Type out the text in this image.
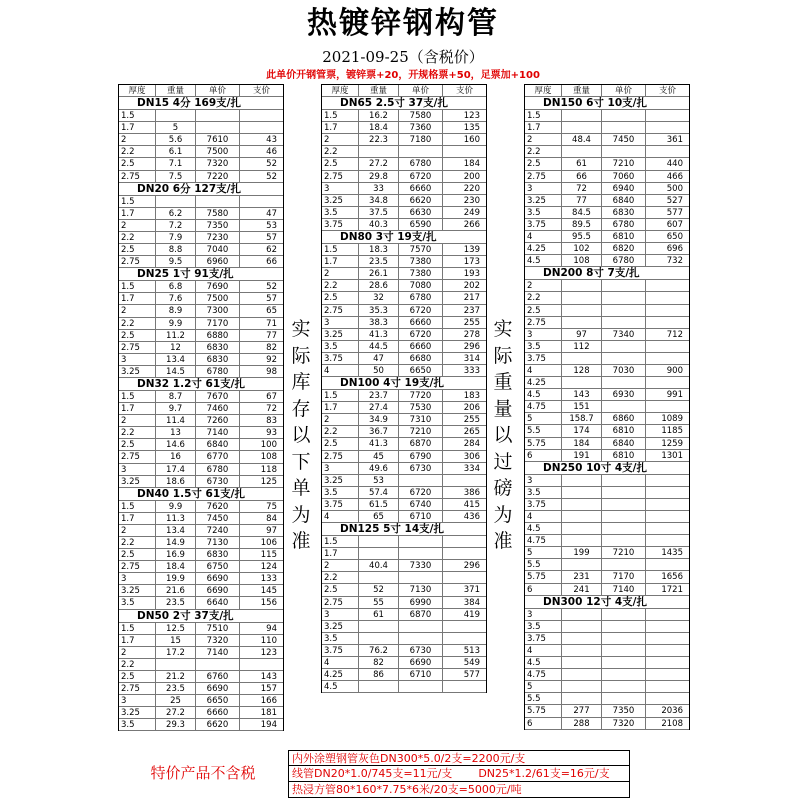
热镀锌钢构管
2021-09-25（含税价）
此单价开钢管票，镀锌票+20，开规格票+50，足票加+100
厚度	重量	单价	支价
DN15 4分 169支/扎
1.5
1.7	5
2	5.6	7610	43
2.2	6.1	7500	46
2.5	7.1	7320	52
2.75	7.5	7220	52
DN20 6分 127支/扎
1.5
1.7	6.2	7580	47
2	7.2	7350	53
2.2	7.9	7230	57
2.5	8.8	7040	62
2.75	9.5	6960	66
DN25 1寸 91支/扎
1.5	6.8	7690	52
1.7	7.6	7500	57
2	8.9	7300	65
2.2	9.9	7170	71
2.5	11.2	6880	77
2.75	12	6830	82
3	13.4	6830	92
3.25	14.5	6780	98
DN32 1.2寸 61支/扎
1.5	8.7	7670	67
1.7	9.7	7460	72
2	11.4	7260	83
2.2	13	7140	93
2.5	14.6	6840	100
2.75	16	6770	108
3	17.4	6780	118
3.25	18.6	6730	125
DN40 1.5寸 61支/扎
1.5	9.9	7620	75
1.7	11.3	7450	84
2	13.4	7240	97
2.2	14.9	7130	106
2.5	16.9	6830	115
2.75	18.4	6750	124
3	19.9	6690	133
3.25	21.6	6690	145
3.5	23.5	6640	156
DN50 2寸 37支/扎
1.5	12.5	7510	94
1.7	15	7320	110
2	17.2	7140	123
2.2
2.5	21.2	6760	143
2.75	23.5	6690	157
3	25	6650	166
3.25	27.2	6660	181
3.5	29.3	6620	194
厚度	重量	单价	支价
DN65 2.5寸 37支/扎
1.5	16.2	7580	123
1.7	18.4	7360	135
2	22.3	7180	160
2.2
2.5	27.2	6780	184
2.75	29.8	6720	200
3	33	6660	220
3.25	34.8	6620	230
3.5	37.5	6630	249
3.75	40.3	6590	266
DN80 3寸 19支/扎
1.5	18.3	7570	139
1.7	23.5	7380	173
2	26.1	7380	193
2.2	28.6	7080	202
2.5	32	6780	217
2.75	35.3	6720	237
3	38.3	6660	255
3.25	41.3	6720	278
3.5	44.5	6660	296
3.75	47	6680	314
4	50	6650	333
DN100 4寸 19支/扎
1.5	23.7	7720	183
1.7	27.4	7530	206
2	34.9	7310	255
2.2	36.7	7210	265
2.5	41.3	6870	284
2.75	45	6790	306
3	49.6	6730	334
3.25	53
3.5	57.4	6720	386
3.75	61.5	6740	415
4	65	6710	436
DN125 5寸 14支/扎
1.5
1.7
2	40.4	7330	296
2.2
2.5	52	7130	371
2.75	55	6990	384
3	61	6870	419
3.25
3.5
3.75	76.2	6730	513
4	82	6690	549
4.25	86	6710	577
4.5
厚度	重量	单价	支价
DN150 6寸 10支/扎
1.5
1.7
2	48.4	7450	361
2.2
2.5	61	7210	440
2.75	66	7060	466
3	72	6940	500
3.25	77	6840	527
3.5	84.5	6830	577
3.75	89.5	6780	607
4	95.5	6810	650
4.25	102	6820	696
4.5	108	6780	732
DN200 8寸 7支/扎
2
2.2
2.5
2.75
3	97	7340	712
3.5	112
3.75
4	128	7030	900
4.25
4.5	143	6930	991
4.75	151
5	158.7	6860	1089
5.5	174	6810	1185
5.75	184	6840	1259
6	191	6810	1301
DN250 10寸 4支/扎
3
3.5
3.75
4
4.5
4.75
5	199	7210	1435
5.5
5.75	231	7170	1656
6	241	7140	1721
DN300 12寸 4支/扎
3
3.5
3.75
4
4.5
4.75
5
5.5
5.75	277	7350	2036
6	288	7320	2108
实
际
库
存
以
下
单
为
准
实
际
重
量
以
过
磅
为
准
特价产品不含税
内外涂塑钢管灰色DN300*5.0/2支=2200元/支
线管DN20*1.0/745支=11元/支 DN25*1.2/61支=16元/支
热浸方管80*160*7.75*6米/20支=5000元/吨
